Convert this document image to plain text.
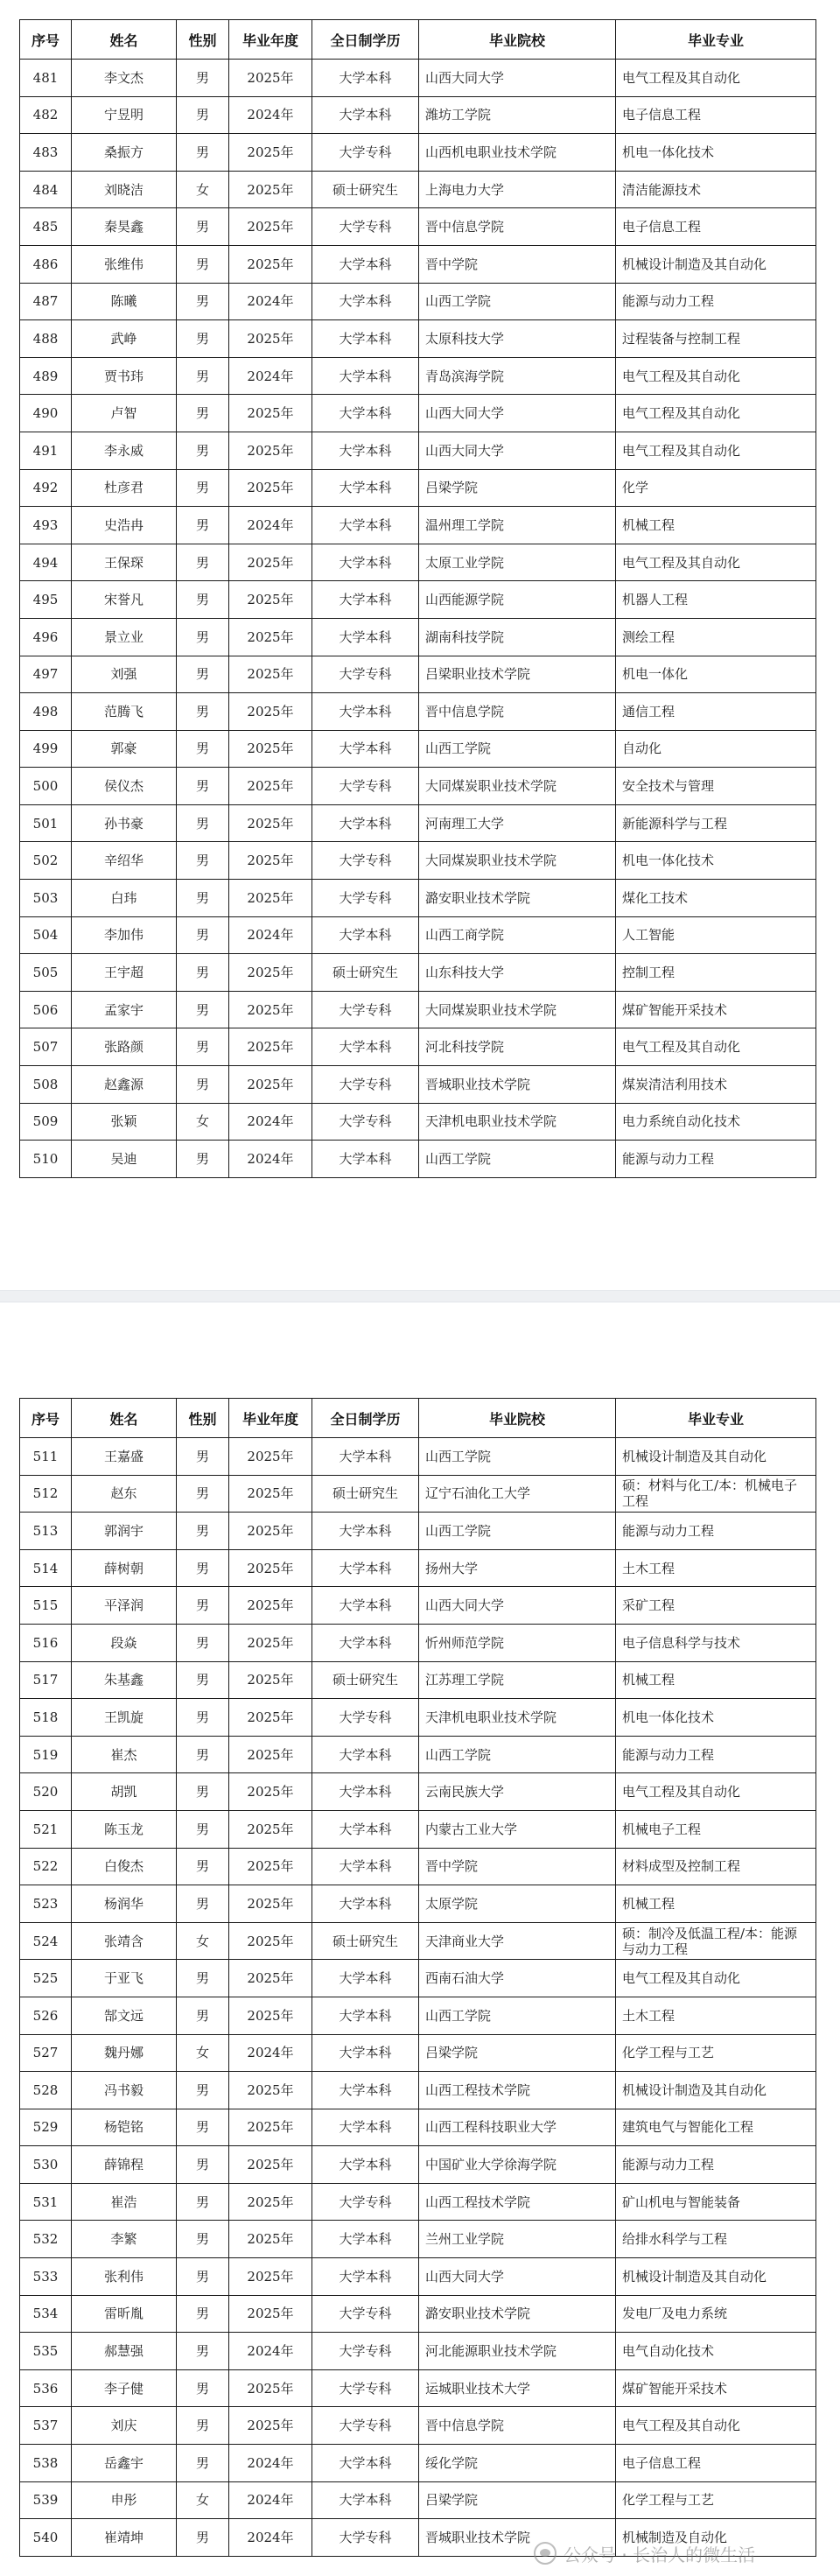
序号	姓名	性别	毕业年度	全日制学历	毕业院校	毕业专业
481	李文杰	男	2025年	大学本科	山西大同大学	电气工程及其自动化
482	宁昱明	男	2024年	大学本科	潍坊工学院	电子信息工程
483	桑振方	男	2025年	大学专科	山西机电职业技术学院	机电一体化技术
484	刘晓洁	女	2025年	硕士研究生	上海电力大学	清洁能源技术
485	秦昊鑫	男	2025年	大学专科	晋中信息学院	电子信息工程
486	张维伟	男	2025年	大学本科	晋中学院	机械设计制造及其自动化
487	陈曦	男	2024年	大学本科	山西工学院	能源与动力工程
488	武峥	男	2025年	大学本科	太原科技大学	过程装备与控制工程
489	贾书玮	男	2024年	大学本科	青岛滨海学院	电气工程及其自动化
490	卢智	男	2025年	大学本科	山西大同大学	电气工程及其自动化
491	李永威	男	2025年	大学本科	山西大同大学	电气工程及其自动化
492	杜彦君	男	2025年	大学本科	吕梁学院	化学
493	史浩冉	男	2024年	大学本科	温州理工学院	机械工程
494	王保琛	男	2025年	大学本科	太原工业学院	电气工程及其自动化
495	宋誉凡	男	2025年	大学本科	山西能源学院	机器人工程
496	景立业	男	2025年	大学本科	湖南科技学院	测绘工程
497	刘强	男	2025年	大学专科	吕梁职业技术学院	机电一体化
498	范腾飞	男	2025年	大学本科	晋中信息学院	通信工程
499	郭豪	男	2025年	大学本科	山西工学院	自动化
500	侯仪杰	男	2025年	大学专科	大同煤炭职业技术学院	安全技术与管理
501	孙书豪	男	2025年	大学本科	河南理工大学	新能源科学与工程
502	辛绍华	男	2025年	大学专科	大同煤炭职业技术学院	机电一体化技术
503	白玮	男	2025年	大学专科	潞安职业技术学院	煤化工技术
504	李加伟	男	2024年	大学本科	山西工商学院	人工智能
505	王宇超	男	2025年	硕士研究生	山东科技大学	控制工程
506	孟家宇	男	2025年	大学专科	大同煤炭职业技术学院	煤矿智能开采技术
507	张路颜	男	2025年	大学本科	河北科技学院	电气工程及其自动化
508	赵鑫源	男	2025年	大学专科	晋城职业技术学院	煤炭清洁利用技术
509	张颖	女	2024年	大学专科	天津机电职业技术学院	电力系统自动化技术
510	吴迪	男	2024年	大学本科	山西工学院	能源与动力工程
序号	姓名	性别	毕业年度	全日制学历	毕业院校	毕业专业
511	王嘉盛	男	2025年	大学本科	山西工学院	机械设计制造及其自动化
512	赵东	男	2025年	硕士研究生	辽宁石油化工大学	硕：材料与化工/本：机械电子工程
513	郭润宇	男	2025年	大学本科	山西工学院	能源与动力工程
514	薛树朝	男	2025年	大学本科	扬州大学	土木工程
515	平泽润	男	2025年	大学本科	山西大同大学	采矿工程
516	段焱	男	2025年	大学本科	忻州师范学院	电子信息科学与技术
517	朱基鑫	男	2025年	硕士研究生	江苏理工学院	机械工程
518	王凯旋	男	2025年	大学专科	天津机电职业技术学院	机电一体化技术
519	崔杰	男	2025年	大学本科	山西工学院	能源与动力工程
520	胡凯	男	2025年	大学本科	云南民族大学	电气工程及其自动化
521	陈玉龙	男	2025年	大学本科	内蒙古工业大学	机械电子工程
522	白俊杰	男	2025年	大学本科	晋中学院	材料成型及控制工程
523	杨润华	男	2025年	大学本科	太原学院	机械工程
524	张靖含	女	2025年	硕士研究生	天津商业大学	硕：制冷及低温工程/本：能源与动力工程
525	于亚飞	男	2025年	大学本科	西南石油大学	电气工程及其自动化
526	郜文远	男	2025年	大学本科	山西工学院	土木工程
527	魏丹娜	女	2024年	大学本科	吕梁学院	化学工程与工艺
528	冯书毅	男	2025年	大学本科	山西工程技术学院	机械设计制造及其自动化
529	杨铠铭	男	2025年	大学本科	山西工程科技职业大学	建筑电气与智能化工程
530	薛锦程	男	2025年	大学本科	中国矿业大学徐海学院	能源与动力工程
531	崔浩	男	2025年	大学专科	山西工程技术学院	矿山机电与智能装备
532	李繁	男	2025年	大学本科	兰州工业学院	给排水科学与工程
533	张利伟	男	2025年	大学本科	山西大同大学	机械设计制造及其自动化
534	雷昕胤	男	2025年	大学专科	潞安职业技术学院	发电厂及电力系统
535	郝慧强	男	2024年	大学专科	河北能源职业技术学院	电气自动化技术
536	李子健	男	2025年	大学专科	运城职业技术大学	煤矿智能开采技术
537	刘庆	男	2025年	大学专科	晋中信息学院	电气工程及其自动化
538	岳鑫宇	男	2024年	大学本科	绥化学院	电子信息工程
539	申彤	女	2024年	大学本科	吕梁学院	化学工程与工艺
540	崔靖坤	男	2024年	大学专科	晋城职业技术学院	机械制造及自动化
公众号 · 长治人的微生活
